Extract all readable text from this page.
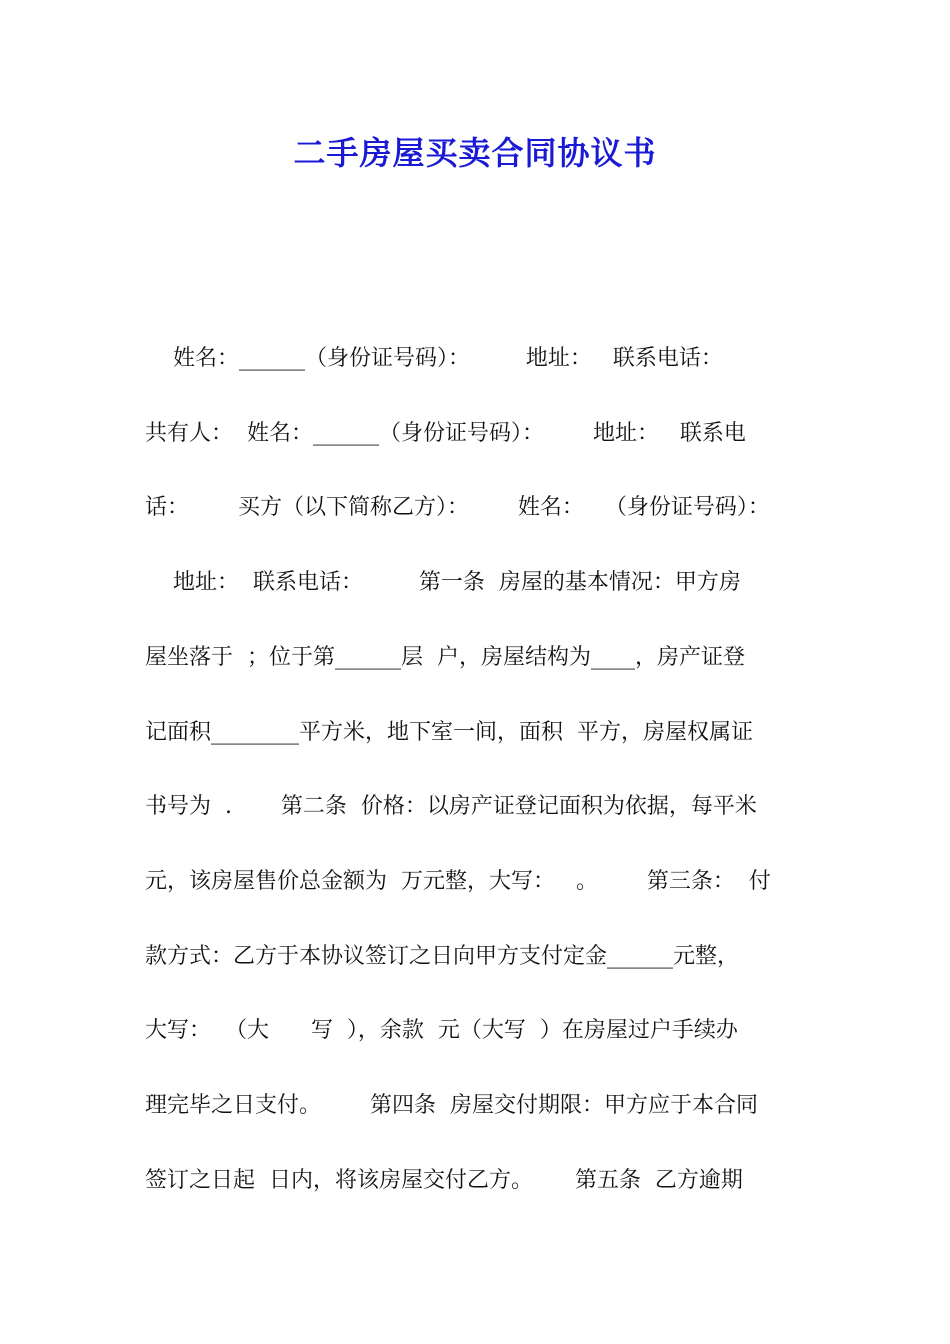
二手房屋买卖合同协议书
姓名：______（身份证号码）：        地址：   联系电话：
共有人：  姓名：______（身份证号码）：       地址：   联系电
话：       买方（以下简称乙方）：       姓名：   （身份证号码）：
地址：  联系电话：        第一条  房屋的基本情况：甲方房
屋坐落于  ；位于第______层  户，房屋结构为____，房产证登
记面积________平方米，地下室一间，面积  平方，房屋权属证
书号为  .       第二条  价格：以房产证登记面积为依据，每平米
元，该房屋售价总金额为  万元整，大写：   。       第三条：  付
款方式：乙方于本协议签订之日向甲方支付定金______元整，
大写：  （大      写  ），余款  元（大写  ）在房屋过户手续办
理完毕之日支付。       第四条  房屋交付期限：甲方应于本合同
签订之日起  日内，将该房屋交付乙方。      第五条  乙方逾期
